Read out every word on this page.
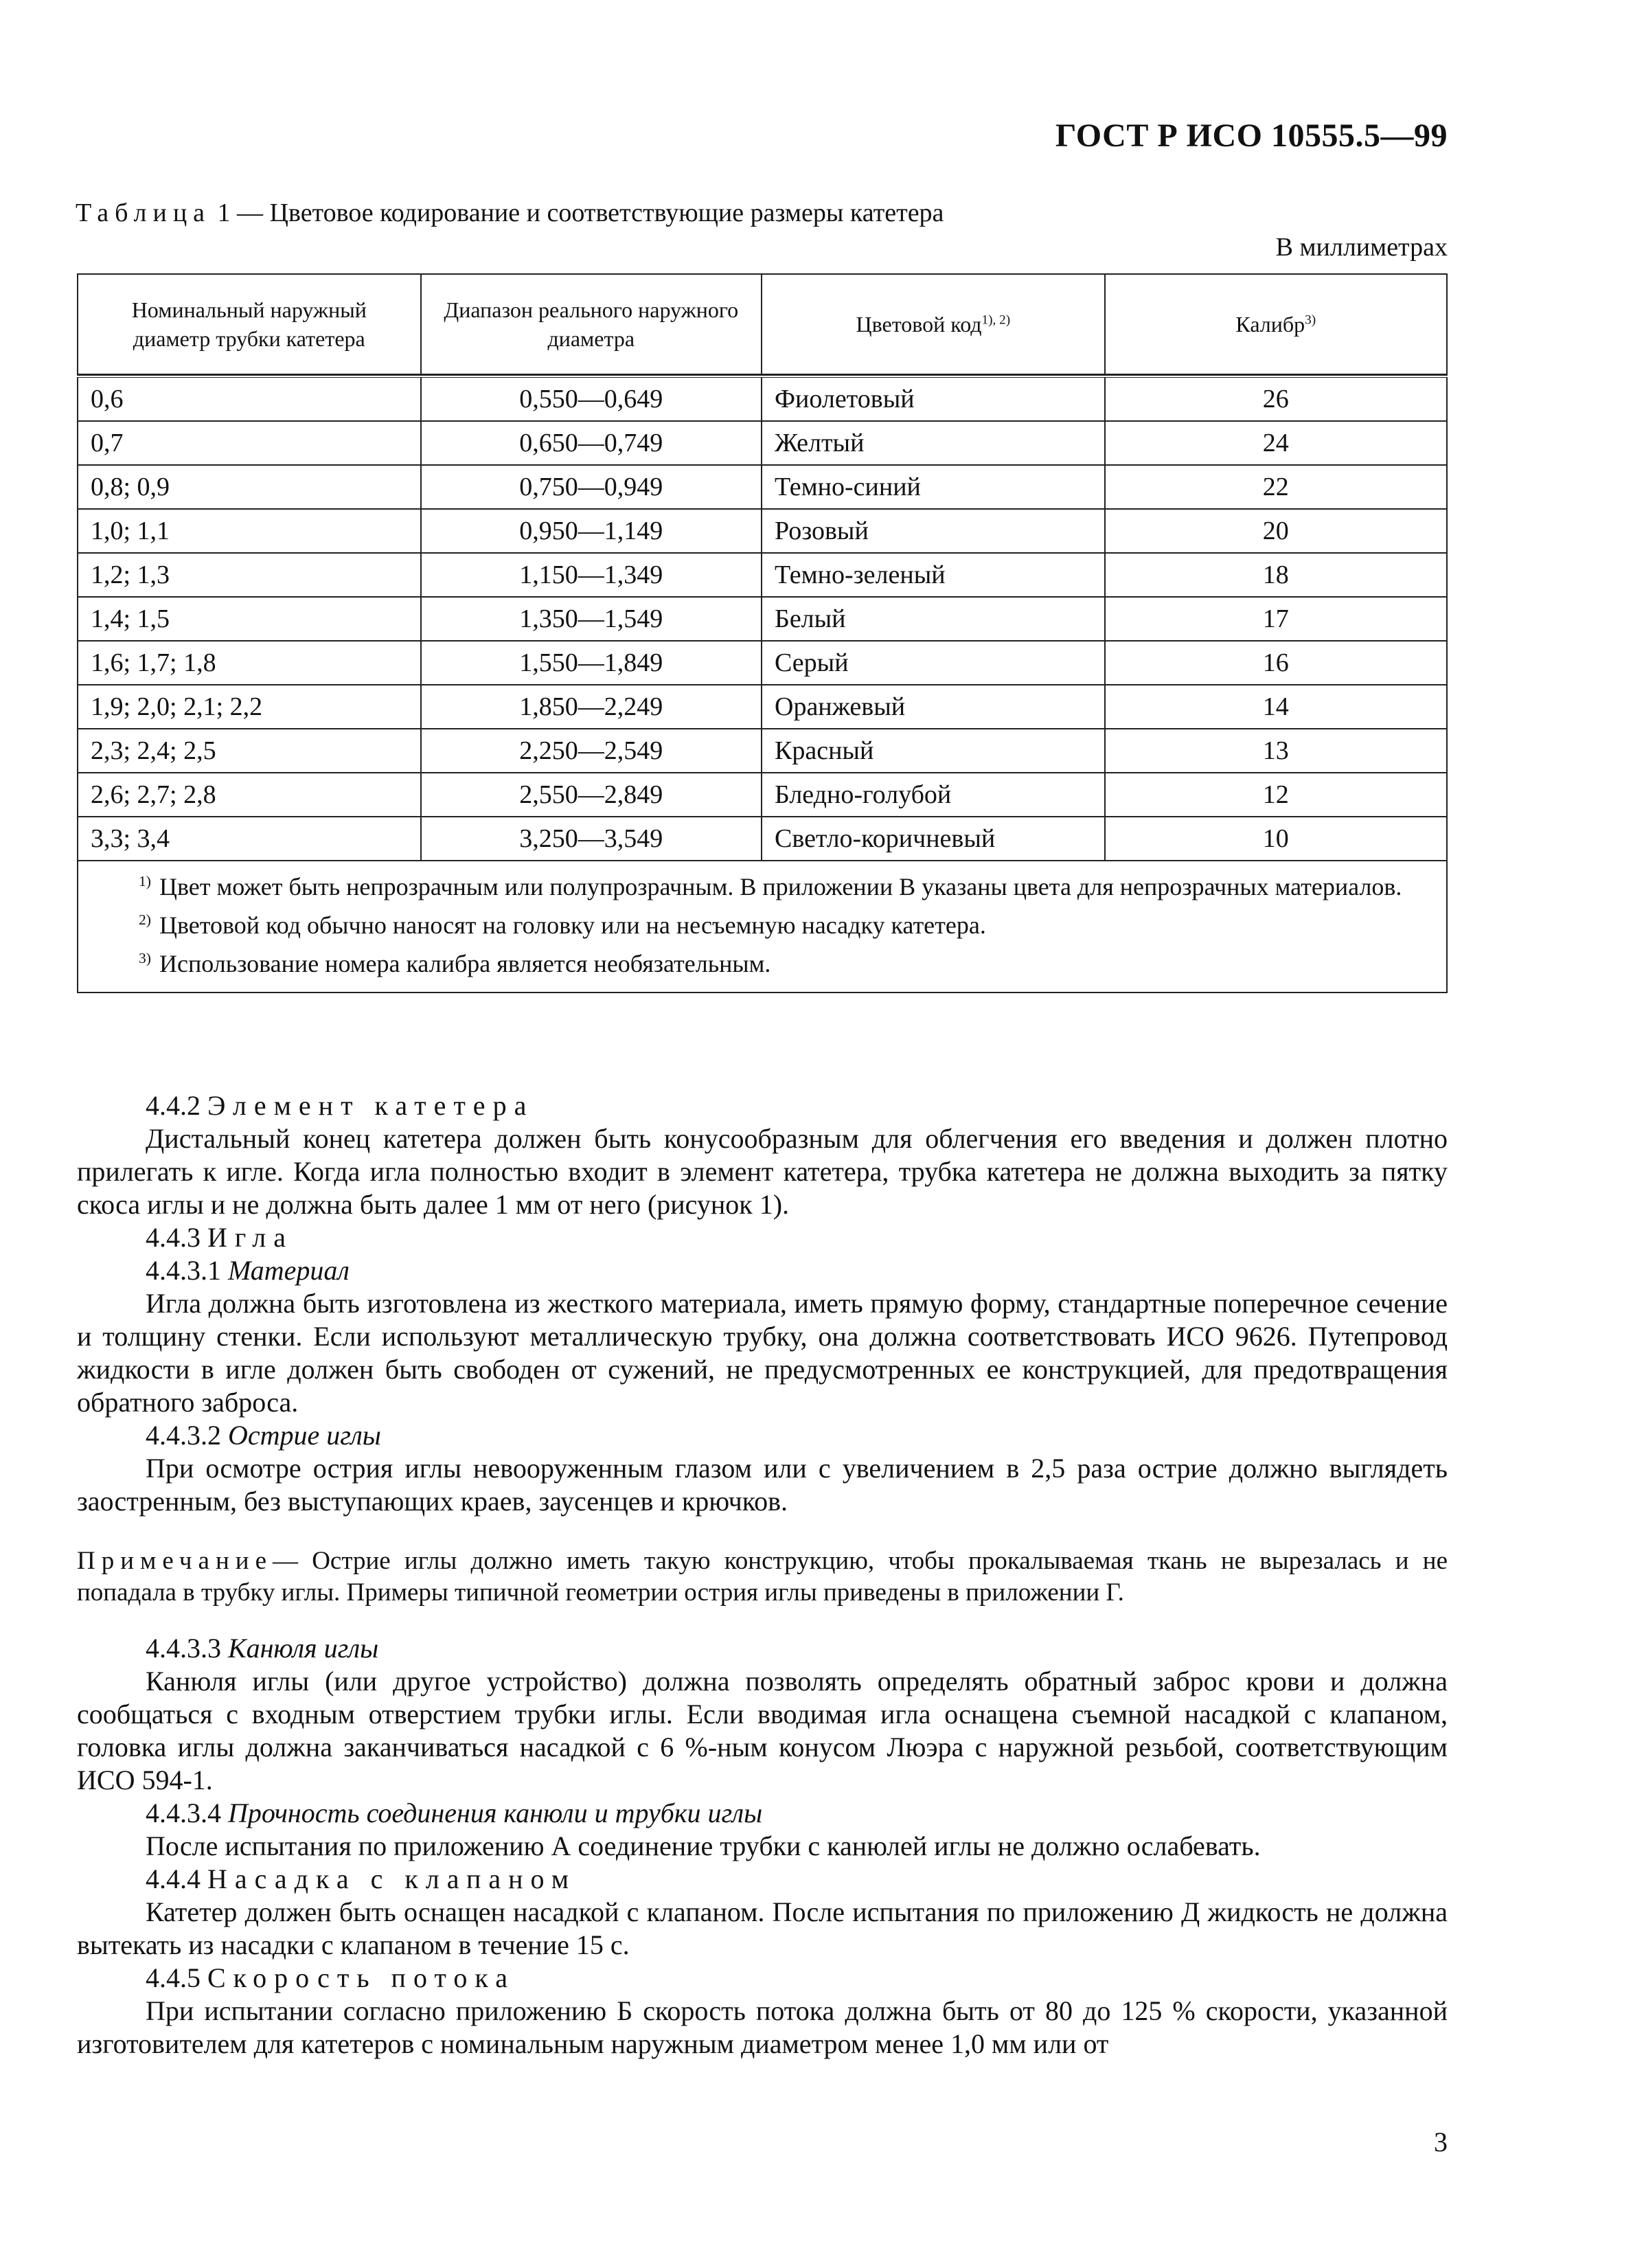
ГОСТ Р ИСО 10555.5—99
Таблица 1 — Цветовое кодирование и соответствующие размеры катетера
В миллиметрах
Номинальный наружный диаметр трубки катетера	Диапазон реального наружного диаметра	Цветовой код$^{1), 2)}$	Калибр$^{3)}$

0,6	0,550—0,649	Фиолетовый	26
0,7	0,650—0,749	Желтый	24
0,8; 0,9	0,750—0,949	Темно-синий	22
1,0; 1,1	0,950—1,149	Розовый	20
1,2; 1,3	1,150—1,349	Темно-зеленый	18
1,4; 1,5	1,350—1,549	Белый	17
1,6; 1,7; 1,8	1,550—1,849	Серый	16
1,9; 2,0; 2,1; 2,2	1,850—2,249	Оранжевый	14
2,3; 2,4; 2,5	2,250—2,549	Красный	13
2,6; 2,7; 2,8	2,550—2,849	Бледно-голубой	12
3,3; 3,4	3,250—3,549	Светло-коричневый	10

$^{1)}$ Цвет может быть непрозрачным или полупрозрачным. В приложении В указаны цвета для непрозрачных материалов.
$^{2)}$ Цветовой код обычно наносят на головку или на несъемную насадку катетера.
$^{3)}$ Использование номера калибра является необязательным.			

4.4.2 Элемент катетера

Дистальный конец катетера должен быть конусообразным для облегчения его введения и должен плотно прилегать к игле. Когда игла полностью входит в элемент катетера, трубка катетера не должна выходить за пятку скоса иглы и не должна быть далее 1 мм от него (рисунок 1).

4.4.3 Игла

4.4.3.1 Материал

Игла должна быть изготовлена из жесткого материала, иметь прямую форму, стандартные поперечное сечение и толщину стенки. Если используют металлическую трубку, она должна соответствовать ИСО 9626. Путепровод жидкости в игле должен быть свободен от сужений, не предусмотренных ее конструкцией, для предотвращения обратного заброса.

4.4.3.2 Острие иглы

При осмотре острия иглы невооруженным глазом или с увеличением в 2,5 раза острие должно выглядеть заостренным, без выступающих краев, заусенцев и крючков.

Примечание— Острие иглы должно иметь такую конструкцию, чтобы прокалываемая ткань не вырезалась и не попадала в трубку иглы. Примеры типичной геометрии острия иглы приведены в приложении Г.

4.4.3.3 Канюля иглы

Канюля иглы (или другое устройство) должна позволять определять обратный заброс крови и должна сообщаться с входным отверстием трубки иглы. Если вводимая игла оснащена съемной насадкой с клапаном, головка иглы должна заканчиваться насадкой с 6 %-ным конусом Люэра с наружной резьбой, соответствующим ИСО 594-1.

4.4.3.4 Прочность соединения канюли и трубки иглы

После испытания по приложению А соединение трубки с канюлей иглы не должно ослабевать.

4.4.4 Насадка с клапаном

Катетер должен быть оснащен насадкой с клапаном. После испытания по приложению Д жидкость не должна вытекать из насадки с клапаном в течение 15 с.

4.4.5 Скорость потока

При испытании согласно приложению Б скорость потока должна быть от 80 до 125 % скорости, указанной изготовителем для катетеров с номинальным наружным диаметром менее 1,0 мм или от

3
